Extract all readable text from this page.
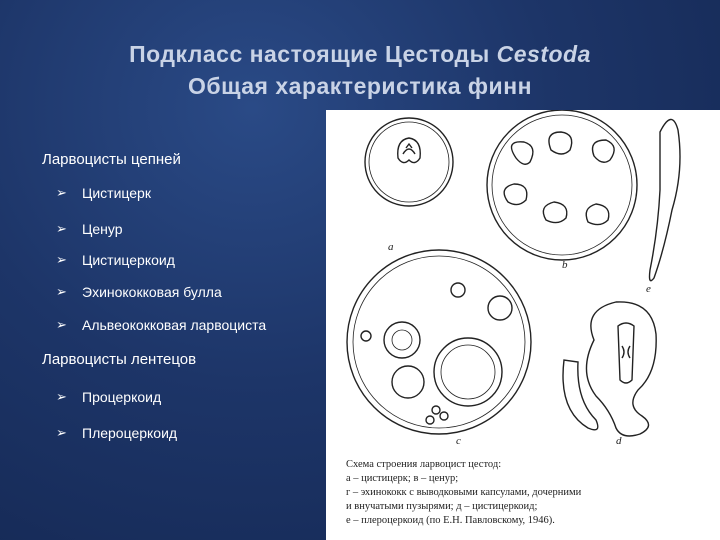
Подкласс настоящие Цестоды Cestoda
Общая характеристика финн
Ларвоцисты цепней
➢ Цистицерк
➢ Ценур
➢ Цистицеркоид
➢ Эхинококковая булла
➢ Альвеококковая ларвоциста
Ларвоцисты лентецов
➢ Процеркоид
➢ Плероцеркоид
а
b
c	d
e
Схема строения ларвоцист цестод:
а – цистицерк; в – ценур;
г – эхинококк с выводковыми капсулами, дочерними
и внучатыми пузырями; д – цистицеркоид;
е – плероцеркоид (по Е.Н. Павловскому, 1946).
